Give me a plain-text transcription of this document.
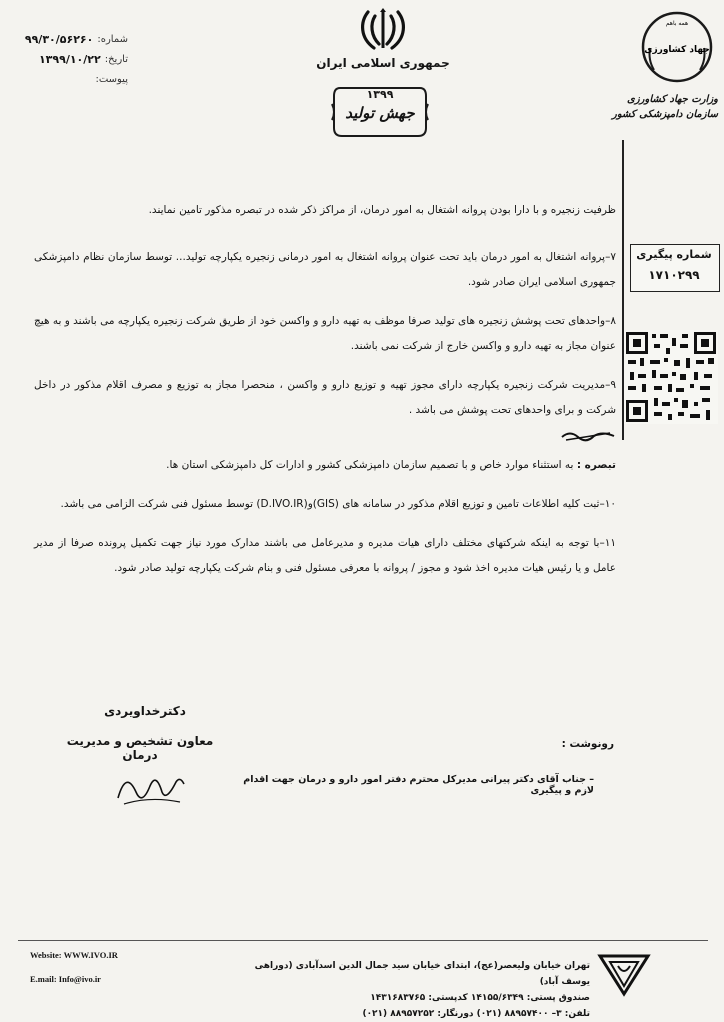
شماره:
۹۹/۳۰/۵۶۲۶۰
تاریخ:
۱۳۹۹/۱۰/۲۲
پیوست:
جمهوری اسلامی ایران
۱۳۹۹
جهش تولید
همه باهم
جهاد کشاورزی
وزارت جهاد کشاورزی
سازمان دامپزشکی کشور
شماره پیگیری
۱۷۱۰۲۹۹

ظرفیت زنجیره و با دارا بودن پروانه اشتغال به امور درمان، از مراکز ذکر شده در تبصره مذکور تامین نمایند.

۷–پروانه اشتغال به امور درمان باید تحت عنوان پروانه اشتغال به امور درمانی زنجیره یکپارچه تولید... توسط سازمان نظام دامپزشکی جمهوری اسلامی ایران صادر شود.

۸–واحدهای تحت پوشش زنجیره های تولید صرفا موظف به تهیه دارو و واکسن خود از طریق شرکت زنجیره یکپارچه می باشند و به هیچ عنوان مجاز به تهیه دارو و واکسن خارج از شرکت نمی باشند.

۹–مدیریت شرکت زنجیره یکپارچه دارای مجوز تهیه و توزیع دارو و واکسن ، منحصرا مجاز به توزیع و مصرف اقلام مذکور در داخل شرکت و برای واحدهای تحت پوشش می باشد .

تبصره : به استثناء موارد خاص و با تصمیم سازمان دامپزشکی کشور و ادارات کل دامپزشکی استان ها.

۱۰–ثبت کلیه اطلاعات تامین و توزیع اقلام مذکور در سامانه های (GIS)و(D.IVO.IR) توسط مسئول فنی شرکت الزامی می باشد.

۱۱–با توجه به اینکه شرکتهای مختلف دارای هیات مدیره و مدیرعامل می باشند مدارک مورد نیاز جهت تکمیل پرونده صرفا از مدیر عامل و یا رئیس هیات مدیره اخذ شود و مجوز / پروانه با معرفی مسئول فنی و بنام شرکت یکپارچه تولید صادر شود.

دکترخداویردی
معاون تشخیص و مدیریت درمان
رونوشت :
– جناب آقای دکتر پیرانی مدیرکل محترم دفتر امور دارو و درمان جهت اقدام لازم و پیگیری
تهران خیابان ولیعصر(عج)، ابتدای خیابان سید جمال الدین اسدآبادی (دوراهی یوسف آباد)
صندوق پستی: ۱۴۱۵۵/۶۳۴۹ کدپستی: ۱۴۳۱۶۸۳۷۶۵
تلفن: ۳– ۸۸۹۵۷۴۰۰ (۰۲۱) دورنگار: ۸۸۹۵۷۲۵۲ (۰۲۱)
Website: WWW.IVO.IR
E.mail: Info@ivo.ir
